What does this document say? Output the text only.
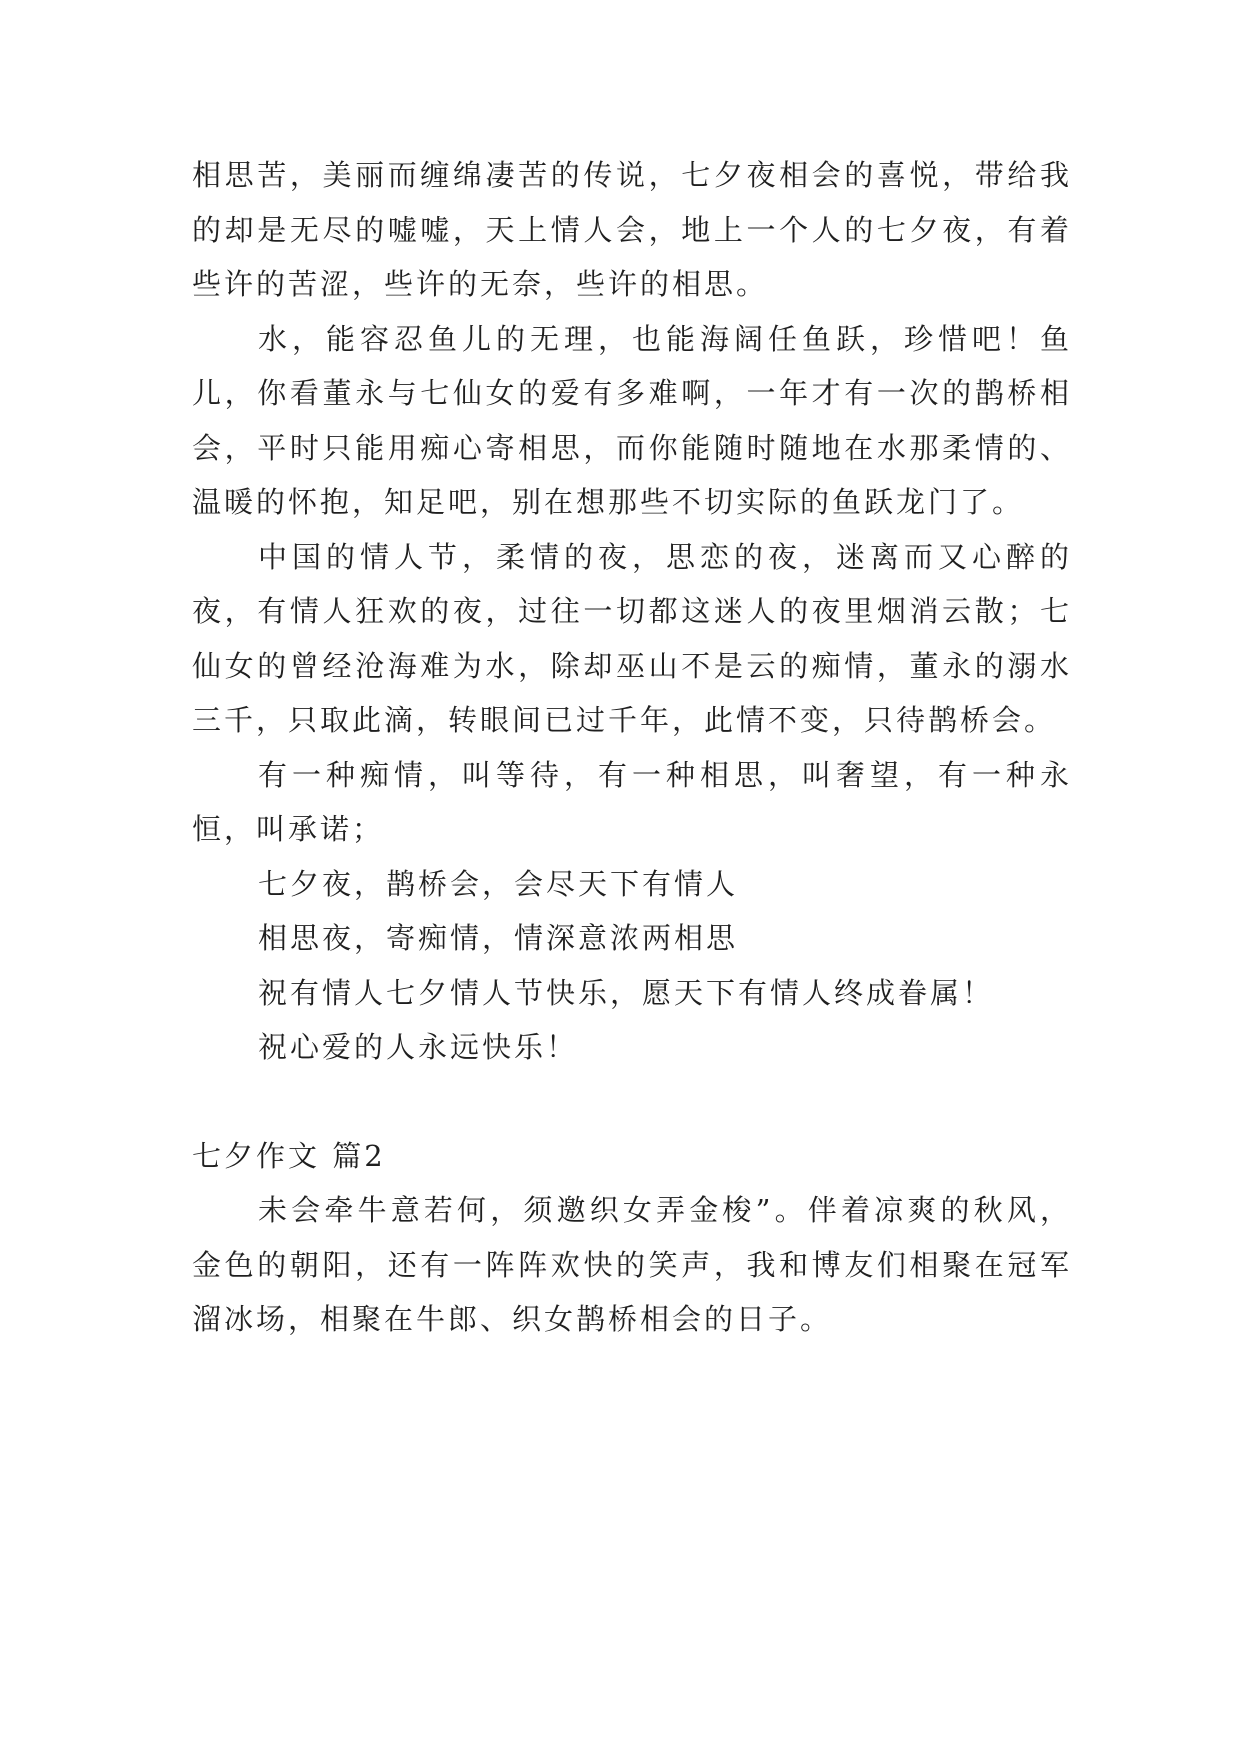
相思苦，美丽而缠绵凄苦的传说，七夕夜相会的喜悦，带给我的却是无尽的嘘嘘，天上情人会，地上一个人的七夕夜，有着些许的苦涩，些许的无奈，些许的相思。

水，能容忍鱼儿的无理，也能海阔任鱼跃，珍惜吧！鱼儿，你看董永与七仙女的爱有多难啊，一年才有一次的鹊桥相会，平时只能用痴心寄相思，而你能随时随地在水那柔情的、温暖的怀抱，知足吧，别在想那些不切实际的鱼跃龙门了。

中国的情人节，柔情的夜，思恋的夜，迷离而又心醉的夜，有情人狂欢的夜，过往一切都这迷人的夜里烟消云散；七仙女的曾经沧海难为水，除却巫山不是云的痴情，董永的溺水三千，只取此滴，转眼间已过千年，此情不变，只待鹊桥会。

有一种痴情，叫等待，有一种相思，叫奢望，有一种永恒，叫承诺；

七夕夜，鹊桥会，会尽天下有情人

相思夜，寄痴情，情深意浓两相思

祝有情人七夕情人节快乐，愿天下有情人终成眷属！

祝心爱的人永远快乐！

七夕作文 篇2

未会牵牛意若何，须邀织女弄金梭”。伴着凉爽的秋风，金色的朝阳，还有一阵阵欢快的笑声，我和博友们相聚在冠军溜冰场，相聚在牛郎、织女鹊桥相会的日子。
